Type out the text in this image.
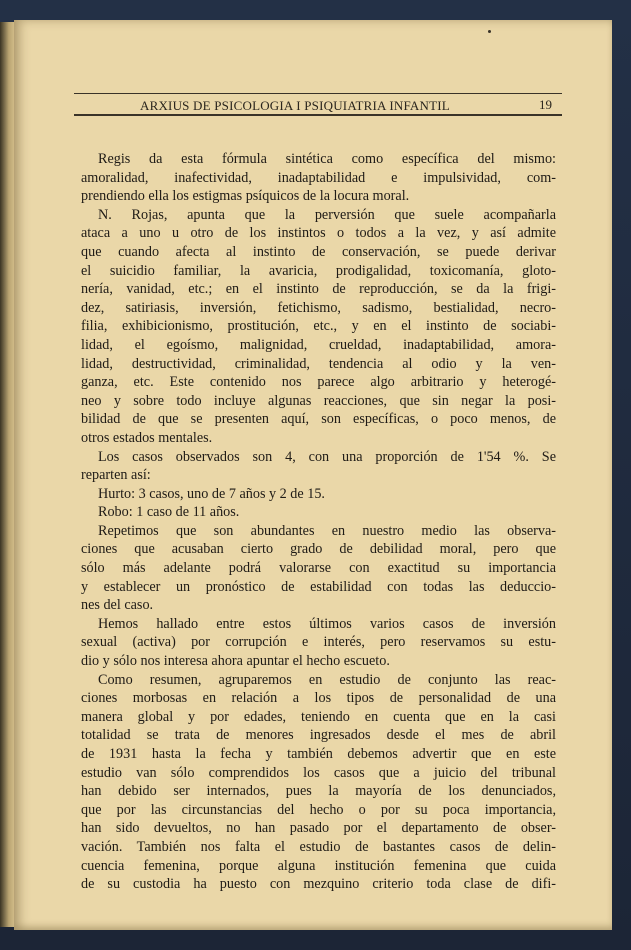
ARXIUS DE PSICOLOGIA I PSIQUIATRIA INFANTIL	19
Regis da esta fórmula sintética como específica del mismo:
amoralidad, inafectividad, inadaptabilidad e impulsividad, com-
prendiendo ella los estigmas psíquicos de la locura moral.
N. Rojas, apunta que la perversión que suele acompañarla
ataca a uno u otro de los instintos o todos a la vez, y así admite
que cuando afecta al instinto de conservación, se puede derivar
el suicidio familiar, la avaricia, prodigalidad, toxicomanía, gloto-
nería, vanidad, etc.; en el instinto de reproducción, se da la frigi-
dez, satiriasis, inversión, fetichismo, sadismo, bestialidad, necro-
filia, exhibicionismo, prostitución, etc., y en el instinto de sociabi-
lidad, el egoísmo, malignidad, crueldad, inadaptabilidad, amora-
lidad, destructividad, criminalidad, tendencia al odio y la ven-
ganza, etc. Este contenido nos parece algo arbitrario y heterogé-
neo y sobre todo incluye algunas reacciones, que sin negar la posi-
bilidad de que se presenten aquí, son específicas, o poco menos, de
otros estados mentales.
Los casos observados son 4, con una proporción de 1'54 %. Se
reparten así:
Hurto: 3 casos, uno de 7 años y 2 de 15.
Robo: 1 caso de 11 años.
Repetimos que son abundantes en nuestro medio las observa-
ciones que acusaban cierto grado de debilidad moral, pero que
sólo más adelante podrá valorarse con exactitud su importancia
y establecer un pronóstico de estabilidad con todas las deduccio-
nes del caso.
Hemos hallado entre estos últimos varios casos de inversión
sexual (activa) por corrupción e interés, pero reservamos su estu-
dio y sólo nos interesa ahora apuntar el hecho escueto.
Como resumen, agruparemos en estudio de conjunto las reac-
ciones morbosas en relación a los tipos de personalidad de una
manera global y por edades, teniendo en cuenta que en la casi
totalidad se trata de menores ingresados desde el mes de abril
de 1931 hasta la fecha y también debemos advertir que en este
estudio van sólo comprendidos los casos que a juicio del tribunal
han debido ser internados, pues la mayoría de los denunciados,
que por las circunstancias del hecho o por su poca importancia,
han sido devueltos, no han pasado por el departamento de obser-
vación. También nos falta el estudio de bastantes casos de delin-
cuencia femenina, porque alguna institución femenina que cuida
de su custodia ha puesto con mezquino criterio toda clase de difi-
